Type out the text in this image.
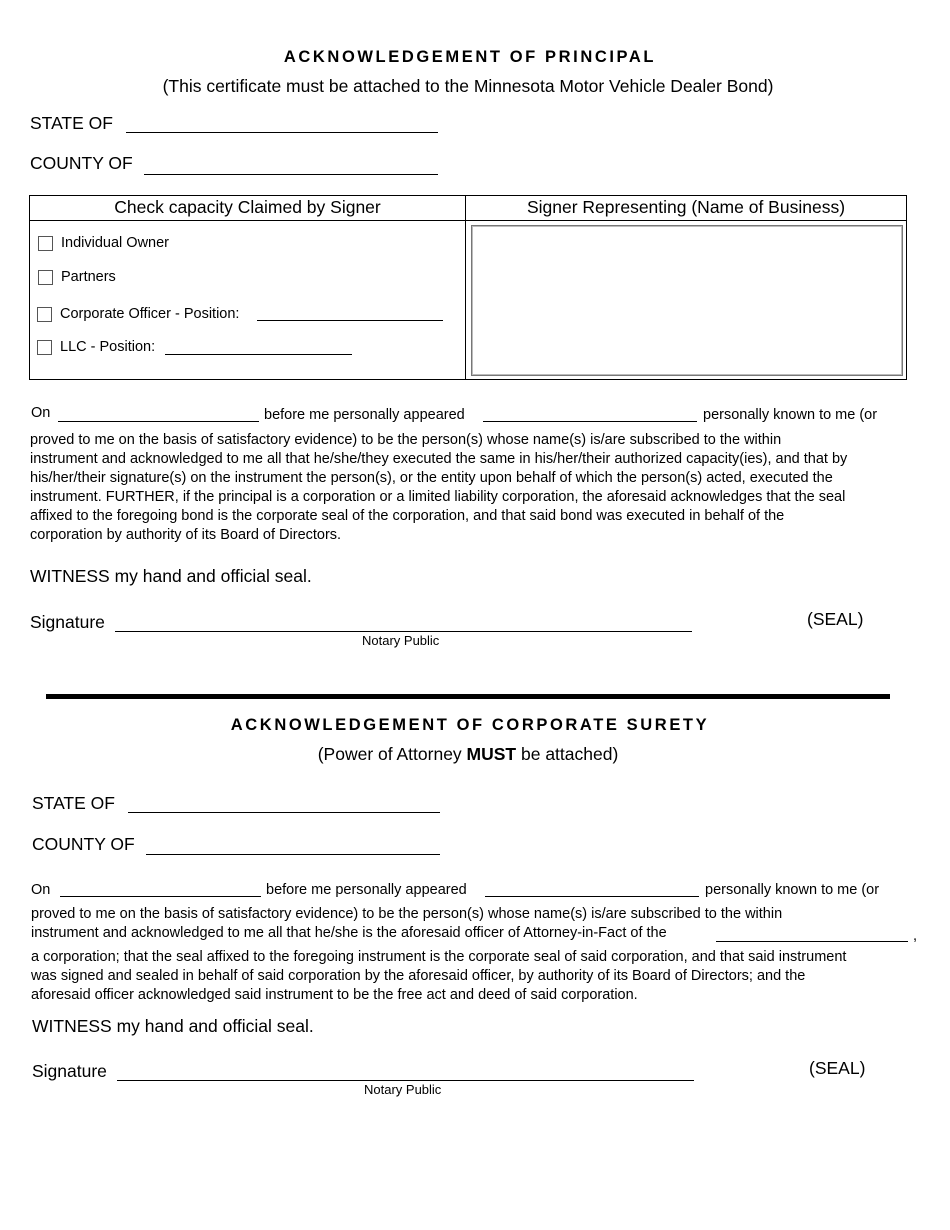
ACKNOWLEDGEMENT OF PRINCIPAL
(This certificate must be attached to the Minnesota Motor Vehicle Dealer Bond)
STATE OF
COUNTY OF
Check capacity Claimed by Signer	Signer Representing (Name of Business)

Individual Owner
Partners
Corporate Officer - Position:
LLC - Position:
On	before me personally appeared	personally known to me (or
proved to me on the basis of satisfactory evidence) to be the person(s) whose name(s) is/are subscribed to the within
instrument and acknowledged to me all that he/she/they executed the same in his/her/their authorized capacity(ies), and that by
his/her/their signature(s) on the instrument the person(s), or the entity upon behalf of which the person(s) acted, executed the
instrument. FURTHER, if the principal is a corporation or a limited liability corporation, the aforesaid acknowledges that the seal
affixed to the foregoing bond is the corporate seal of the corporation, and that said bond was executed in behalf of the
corporation by authority of its Board of Directors.
WITNESS my hand and official seal.
Signature
Notary Public
(SEAL)
ACKNOWLEDGEMENT OF CORPORATE SURETY
(Power of Attorney MUST be attached)
STATE OF
COUNTY OF
On	before me personally appeared	personally known to me (or
proved to me on the basis of satisfactory evidence) to be the person(s) whose name(s) is/are subscribed to the within
instrument and acknowledged to me all that he/she is the aforesaid officer of Attorney-in-Fact of the	,
a corporation; that the seal affixed to the foregoing instrument is the corporate seal of said corporation, and that said instrument
was signed and sealed in behalf of said corporation by the aforesaid officer, by authority of its Board of Directors; and the
aforesaid officer acknowledged said instrument to be the free act and deed of said corporation.
WITNESS my hand and official seal.
Signature
Notary Public
(SEAL)
